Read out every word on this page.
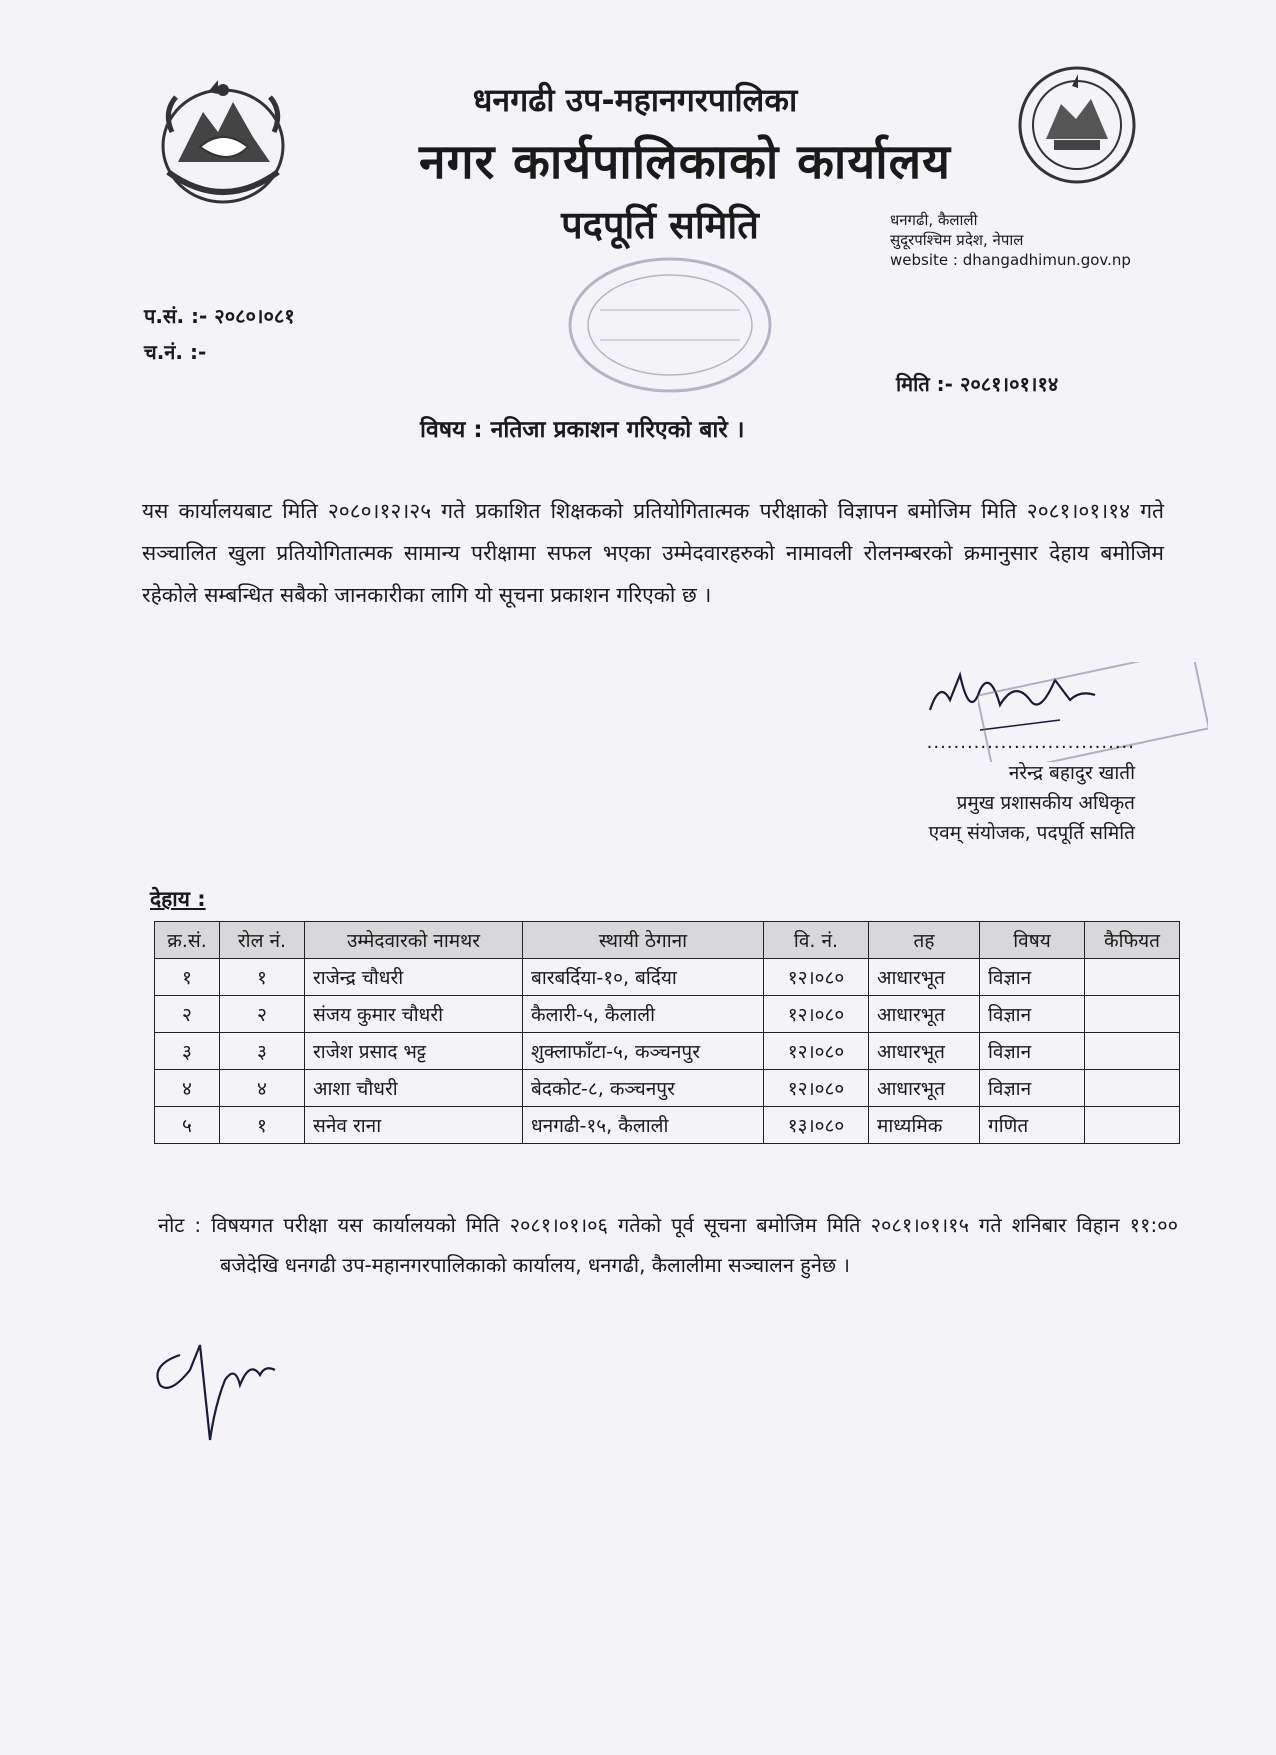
धनगढी उप-महानगरपालिका
नगर कार्यपालिकाको कार्यालय
पदपूर्ति समिति	धनगढी, कैलाली
सुदूरपश्चिम प्रदेश, नेपाल
website : dhangadhimun.gov.np
प.सं. :- २०८०।०८१
च.नं. :-
मिति :- २०८१।०१।१४
विषय : नतिजा प्रकाशन गरिएको बारे ।
यस कार्यालयबाट मिति २०८०।१२।२५ गते प्रकाशित शिक्षकको प्रतियोगितात्मक परीक्षाको विज्ञापन बमोजिम मिति २०८१।०१।१४ गते सञ्चालित खुला प्रतियोगितात्मक सामान्य परीक्षामा सफल भएका उम्मेदवारहरुको नामावली रोलनम्बरको क्रमानुसार देहाय बमोजिम रहेकोले सम्बन्धित सबैको जानकारीका लागि यो सूचना प्रकाशन गरिएको छ ।
...............................
नरेन्द्र बहादुर खाती
प्रमुख प्रशासकीय अधिकृत
एवम् संयोजक, पदपूर्ति समिति
देहाय :
क्र.सं.	रोल नं.	उम्मेदवारको नामथर	स्थायी ठेगाना	वि. नं.	तह	विषय	कैफियत
१	१	राजेन्द्र चौधरी	बारबर्दिया-१०, बर्दिया	१२।०८०	आधारभूत	विज्ञान	
२	२	संजय कुमार चौधरी	कैलारी-५, कैलाली	१२।०८०	आधारभूत	विज्ञान	
३	३	राजेश प्रसाद भट्ट	शुक्लाफाँटा-५, कञ्चनपुर	१२।०८०	आधारभूत	विज्ञान	
४	४	आशा चौधरी	बेदकोट-८, कञ्चनपुर	१२।०८०	आधारभूत	विज्ञान	
५	१	सनेव राना	धनगढी-१५, कैलाली	१३।०८०	माध्यमिक	गणित	
नोट : विषयगत परीक्षा यस कार्यालयको मिति २०८१।०१।०६ गतेको पूर्व सूचना बमोजिम मिति २०८१।०१।१५ गते शनिबार विहान ११:०० बजेदेखि धनगढी उप-महानगरपालिकाको कार्यालय, धनगढी, कैलालीमा सञ्चालन हुनेछ ।
